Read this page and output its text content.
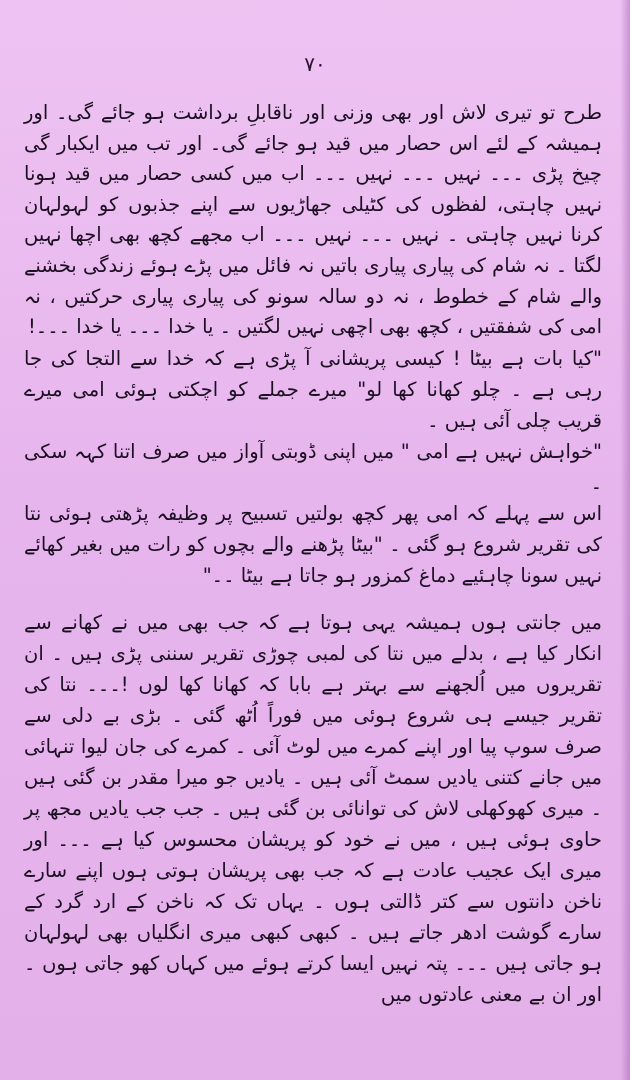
۷۰

طرح تو تیری لاش اور بھی وزنی اور ناقابلِ برداشت ہو جائے گی۔ اور ہمیشہ کے لئے اس حصار میں قید ہو جائے گی۔ اور تب میں ایکبار گی چیخ پڑی ۔۔۔ نہیں ۔۔۔ نہیں ۔۔۔ اب میں کسی حصار میں قید ہونا نہیں چاہتی، لفظوں کی کٹیلی جھاڑیوں سے اپنے جذبوں کو لہولہان کرنا نہیں چاہتی ۔ نہیں ۔۔۔ نہیں ۔۔۔ اب مجھے کچھ بھی اچھا نہیں لگتا ۔ نہ شام کی پیاری پیاری باتیں نہ فائل میں پڑے ہوئے زندگی بخشنے والے شام کے خطوط ، نہ دو سالہ سونو کی پیاری پیاری حرکتیں ، نہ امی کی شفقتیں ، کچھ بھی اچھی نہیں لگتیں ۔ یا خدا ۔۔۔ یا خدا ۔۔۔!

"کیا بات ہے بیٹا ! کیسی پریشانی آ پڑی ہے کہ خدا سے التجا کی جا رہی ہے ۔ چلو کھانا کھا لو" میرے جملے کو اچکتی ہوئی امی میرے قریب چلی آئی ہیں ۔

"خواہش نہیں ہے امی " میں اپنی ڈوبتی آواز میں صرف اتنا کہہ سکی ۔

اس سے پہلے کہ امی پھر کچھ بولتیں تسبیح پر وظیفہ پڑھتی ہوئی نتا کی تقریر شروع ہو گئی ۔ "بیٹا پڑھنے والے بچوں کو رات میں بغیر کھائے نہیں سونا چاہئیے دماغ کمزور ہو جاتا ہے بیٹا ۔۔"

میں جانتی ہوں ہمیشہ یہی ہوتا ہے کہ جب بھی میں نے کھانے سے انکار کیا ہے ، بدلے میں نتا کی لمبی چوڑی تقریر سننی پڑی ہیں ۔ ان تقریروں میں اُلجھنے سے بہتر ہے بابا کہ کھانا کھا لوں !۔۔۔ نتا کی تقریر جیسے ہی شروع ہوئی میں فوراً اُٹھ گئی ۔ بڑی بے دلی سے صرف سوپ پیا اور اپنے کمرے میں لوٹ آئی ۔ کمرے کی جان لیوا تنہائی میں جانے کتنی یادیں سمٹ آئی ہیں ۔ یادیں جو میرا مقدر بن گئی ہیں ۔ میری کھوکھلی لاش کی توانائی بن گئی ہیں ۔ جب جب یادیں مجھ پر حاوی ہوئی ہیں ، میں نے خود کو پریشان محسوس کیا ہے ۔۔۔ اور میری ایک عجیب عادت ہے کہ جب بھی پریشان ہوتی ہوں اپنے سارے ناخن دانتوں سے کتر ڈالتی ہوں ۔ یہاں تک کہ ناخن کے ارد گرد کے سارے گوشت ادھر جاتے ہیں ۔ کبھی کبھی میری انگلیاں بھی لہولہان ہو جاتی ہیں ۔۔۔ پتہ نہیں ایسا کرتے ہوئے میں کہاں کھو جاتی ہوں ۔ اور ان بے معنی عادتوں میں
